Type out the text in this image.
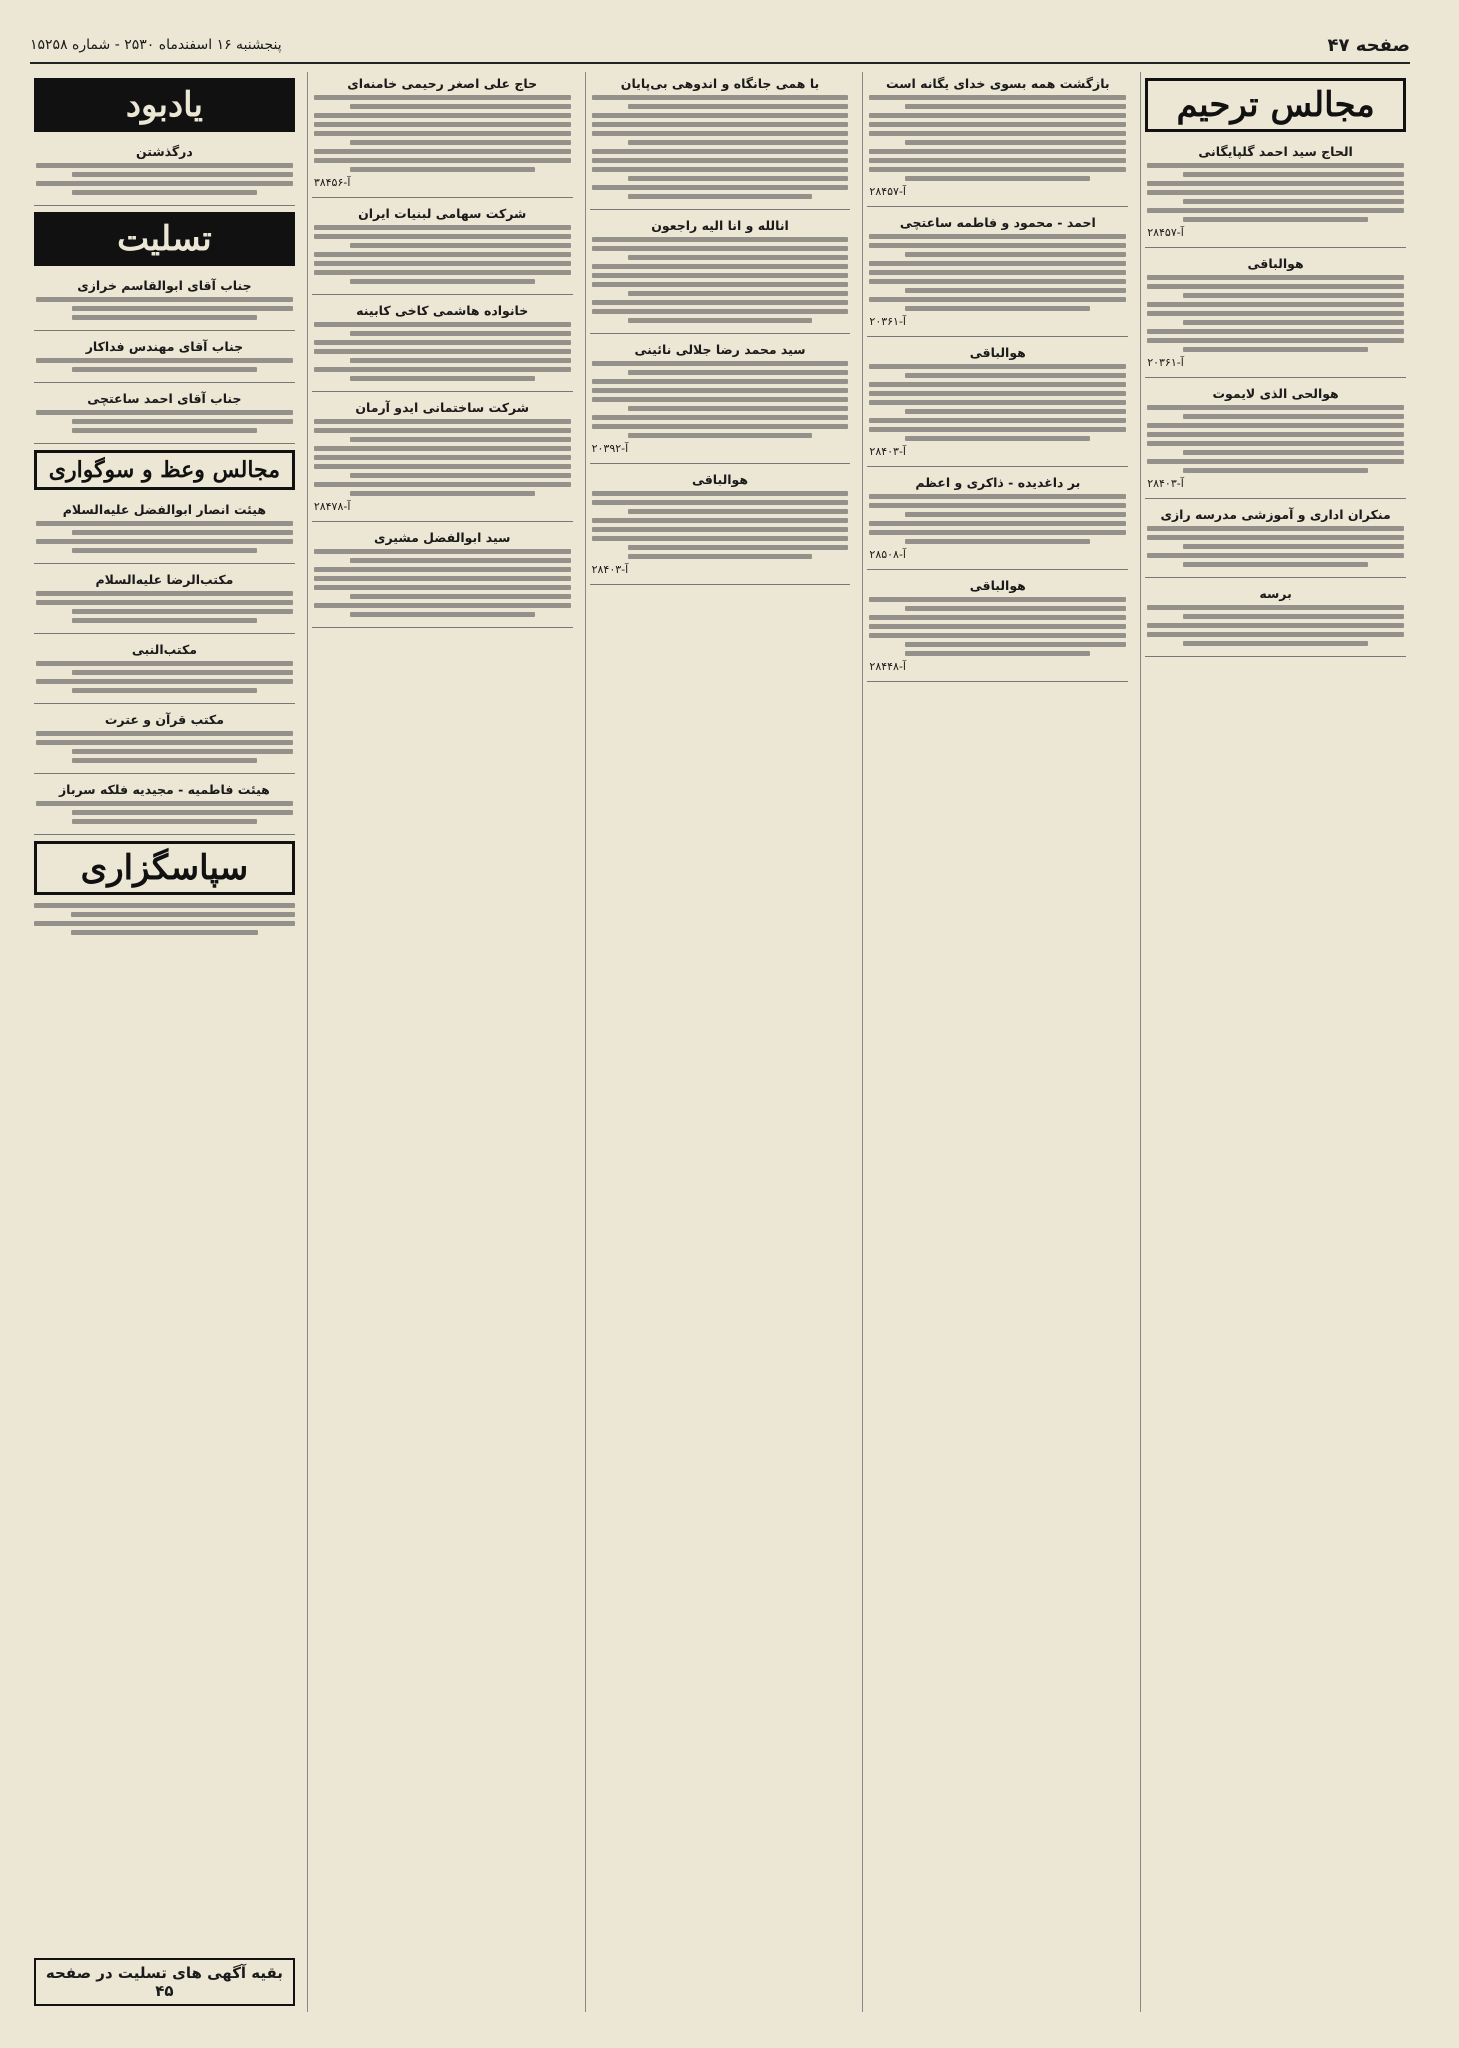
صفحه ۴۷
پنجشنبه ۱۶ اسفندماه ۲۵۳۰ - شماره ۱۵۲۵۸
مجالس ترحیم
الحاج سید احمد گلپایگانی
آ-۲۸۴۵۷
هوالباقی
آ-۲۰۳۶۱
هوالحی الذی لایموت
آ-۲۸۴۰۳
منکران اداری و آموزشی مدرسه رازی
برسه
بازگشت همه بسوی خدای یگانه است
آ-۲۸۴۵۷
احمد - محمود و فاطمه ساعتچی
آ-۲۰۳۶۱
هوالباقی
آ-۲۸۴۰۳
بر داغدیده - ذاکری و اعظم
آ-۲۸۵۰۸
هوالباقی
آ-۲۸۴۴۸
با همی جانگاه و اندوهی بی‌پایان
انالله و انا الیه راجعون
سید محمد رضا جلالی نائینی
آ-۲۰۳۹۲
هوالباقی
آ-۲۸۴۰۳
حاج علی اصغر رحیمی خامنه‌ای
آ-۳۸۴۵۶
شرکت سهامی لبنیات ایران
خانواده هاشمی کاخی کابینه
شرکت ساختمانی ایدو آرمان
آ-۲۸۴۷۸
سید ابوالفضل مشیری
یادبود
درگذشتن
تسلیت
جناب آقای ابوالقاسم خرازی
جناب آقای مهندس فداکار
جناب آقای احمد ساعتچی
مجالس وعظ و سوگواری
هیئت انصار ابوالفضل علیه‌السلام
مکتب‌الرضا علیه‌السلام
مکتب‌النبی
مکتب قرآن و عترت
هیئت فاطمیه - مجیدیه فلکه سرباز
سپاسگزاری
بقیه آگهی های تسلیت در صفحه ۴۵
